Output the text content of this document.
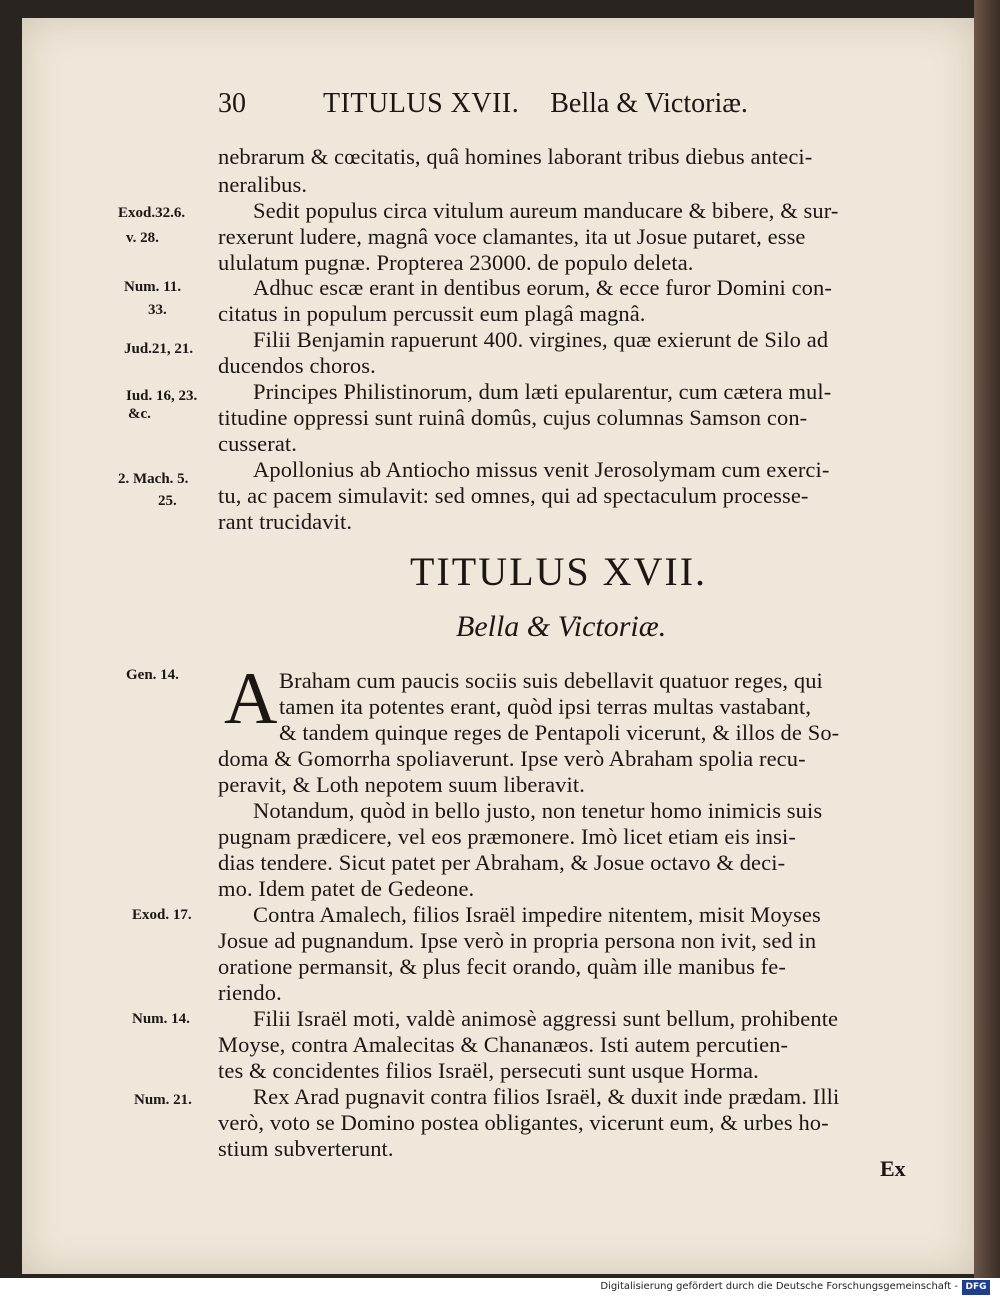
30	TITULUS XVII. Bella & Victoriæ.
Exod.32.6.
v. 28.
Num. 11.
33.
Jud.21, 21.
Iud. 16, 23.
&c.
2. Mach. 5.
25.
Gen. 14.
Exod. 17.
Num. 14.
Num. 21.
nebrarum & cœcitatis, quâ homines laborant tribus diebus anteci-
neralibus.
Sedit populus circa vitulum aureum manducare & bibere, & sur-
rexerunt ludere, magnâ voce clamantes, ita ut Josue putaret, esse
ululatum pugnæ. Propterea 23000. de populo deleta.
Adhuc escæ erant in dentibus eorum, & ecce furor Domini con-
citatus in populum percussit eum plagâ magnâ.
Filii Benjamin rapuerunt 400. virgines, quæ exierunt de Silo ad
ducendos choros.
Principes Philistinorum, dum læti epularentur, cum cætera mul-
titudine oppressi sunt ruinâ domûs, cujus columnas Samson con-
cusserat.
Apollonius ab Antiocho missus venit Jerosolymam cum exerci-
tu, ac pacem simulavit: sed omnes, qui ad spectaculum processe-
rant trucidavit.
TITULUS XVII.
Bella & Victoriæ.
A Braham cum paucis sociis suis debellavit quatuor reges, qui
tamen ita potentes erant, quòd ipsi terras multas vastabant,
& tandem quinque reges de Pentapoli vicerunt, & illos de So-
doma & Gomorrha spoliaverunt. Ipse verò Abraham spolia recu-
peravit, & Loth nepotem suum liberavit.
Notandum, quòd in bello justo, non tenetur homo inimicis suis
pugnam prædicere, vel eos præmonere. Imò licet etiam eis insi-
dias tendere. Sicut patet per Abraham, & Josue octavo & deci-
mo. Idem patet de Gedeone.
Contra Amalech, filios Israël impedire nitentem, misit Moyses
Josue ad pugnandum. Ipse verò in propria persona non ivit, sed in
oratione permansit, & plus fecit orando, quàm ille manibus fe-
riendo.
Filii Israël moti, valdè animosè aggressi sunt bellum, prohibente
Moyse, contra Amalecitas & Chananæos. Isti autem percutien-
tes & concidentes filios Israël, persecuti sunt usque Horma.
Rex Arad pugnavit contra filios Israël, & duxit inde prædam. Illi
verò, voto se Domino postea obligantes, vicerunt eum, & urbes ho-
stium subverterunt.
Ex
Digitalisierung gefördert durch die Deutsche Forschungsgemeinschaft - DFG
